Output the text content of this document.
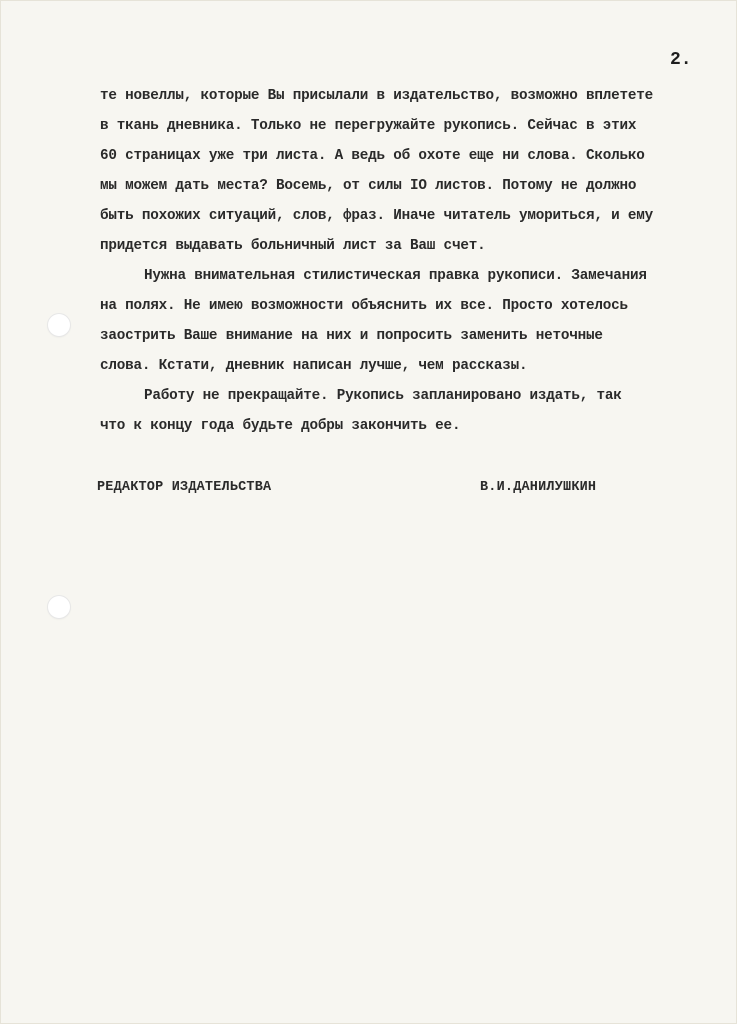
2.
те новеллы, которые Вы присылали в издательство, возможно вплетете
в ткань дневника. Только не перегружайте рукопись. Сейчас в этих
60 страницах уже три листа. А ведь об охоте еще ни слова. Сколько
мы можем дать места? Восемь, от силы IO листов. Потому не должно
быть похожих ситуаций, слов, фраз. Иначе читатель умориться, и ему
придется выдавать больничный лист за Ваш счет.
Нужна внимательная стилистическая правка рукописи. Замечания
на полях. Не имею возможности объяснить их все. Просто хотелось
заострить Ваше внимание на них и попросить заменить неточные
слова. Кстати, дневник написан лучше, чем рассказы.
Работу не прекращайте. Рукопись запланировано издать, так
что к концу года будьте добры закончить ее.
РЕДАКТОР ИЗДАТЕЛЬСТВА	В.И.ДАНИЛУШКИН
